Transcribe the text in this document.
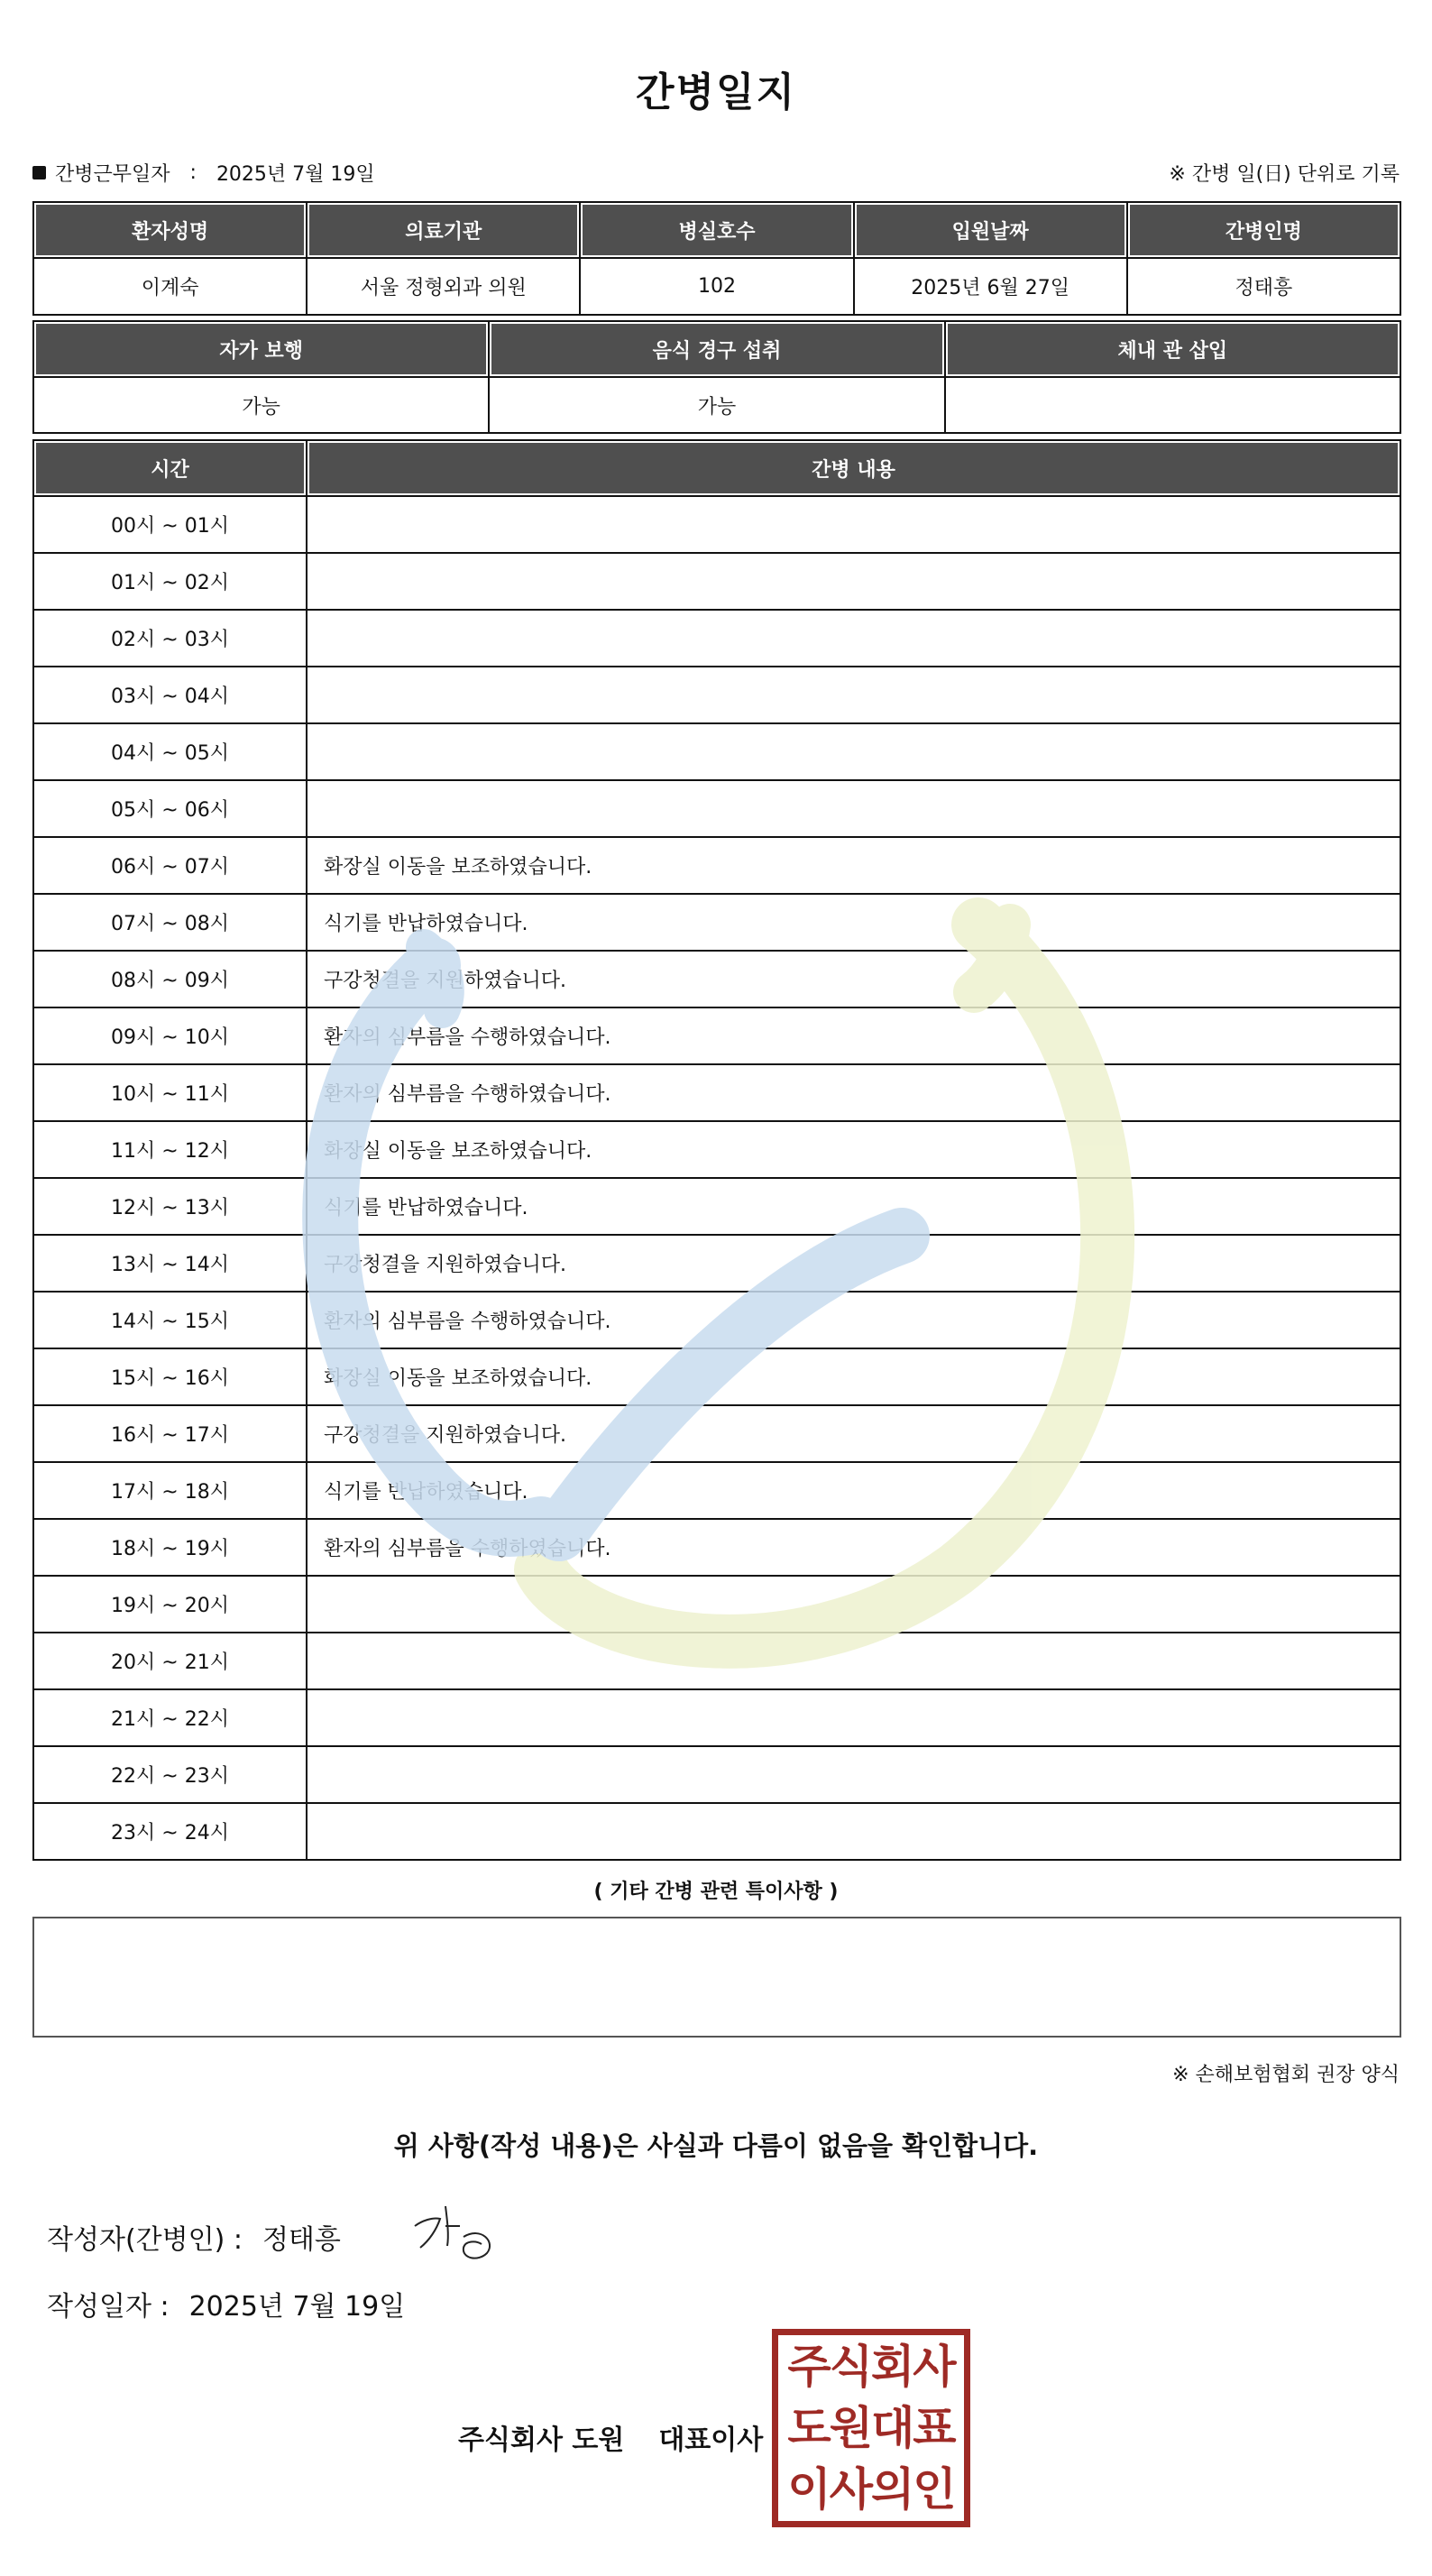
간병일지
간병근무일자 : 2025년 7월 19일	※ 간병 일(日) 단위로 기록
환자성명	의료기관	병실호수	입원날짜	간병인명
이계숙	서울 정형외과 의원	102	2025년 6월 27일	정태흥
자가 보행	음식 경구 섭취	체내 관 삽입
가능	가능	
시간	간병 내용
00시 ~ 01시	
01시 ~ 02시	
02시 ~ 03시	
03시 ~ 04시	
04시 ~ 05시	
05시 ~ 06시	
06시 ~ 07시	화장실 이동을 보조하였습니다.
07시 ~ 08시	식기를 반납하였습니다.
08시 ~ 09시	구강청결을 지원하였습니다.
09시 ~ 10시	환자의 심부름을 수행하였습니다.
10시 ~ 11시	환자의 심부름을 수행하였습니다.
11시 ~ 12시	화장실 이동을 보조하였습니다.
12시 ~ 13시	식기를 반납하였습니다.
13시 ~ 14시	구강청결을 지원하였습니다.
14시 ~ 15시	환자의 심부름을 수행하였습니다.
15시 ~ 16시	화장실 이동을 보조하였습니다.
16시 ~ 17시	구강청결을 지원하였습니다.
17시 ~ 18시	식기를 반납하였습니다.
18시 ~ 19시	환자의 심부름을 수행하였습니다.
19시 ~ 20시	
20시 ~ 21시	
21시 ~ 22시	
22시 ~ 23시	
23시 ~ 24시	
( 기타 간병 관련 특이사항 )
※ 손해보험협회 권장 양식
위 사항(작성 내용)은 사실과 다름이 없음을 확인합니다.
작성자(간병인) : 정태흥
작성일자 : 2025년 7월 19일
주식회사 도원 대표이사
주식회사
도원대표
이사의인
